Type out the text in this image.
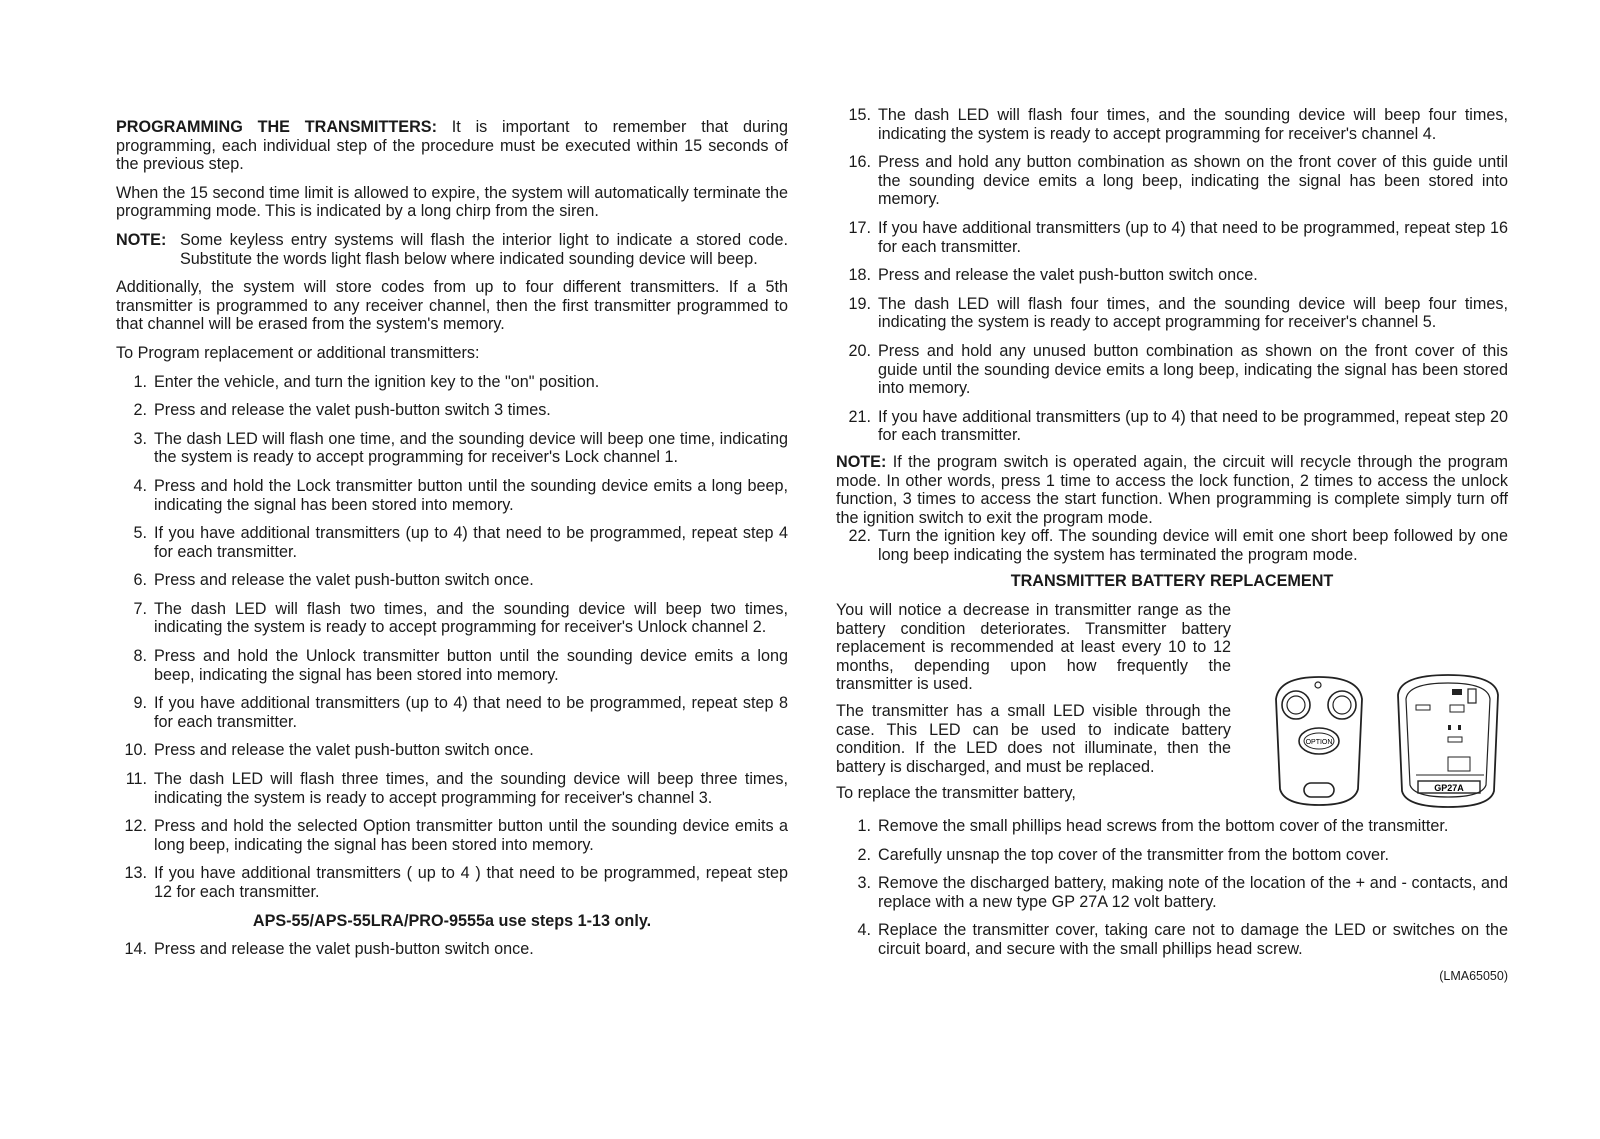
PROGRAMMING THE TRANSMITTERS: It is important to remember that during programming, each individual step of the procedure must be executed within 15 seconds of the previous step.

When the 15 second time limit is allowed to expire, the system will automatically terminate the programming mode. This is indicated by a long chirp from the siren.

NOTE: Some keyless entry systems will flash the interior light to indicate a stored code. Substitute the words light flash below where indicated sounding device will beep.

Additionally, the system will store codes from up to four different transmitters. If a 5th transmitter is programmed to any receiver channel, then the first transmitter programmed to that channel will be erased from the system's memory.

To Program replacement or additional transmitters:

1. Enter the vehicle, and turn the ignition key to the "on" position.
2. Press and release the valet push-button switch 3 times.
3. The dash LED will flash one time, and the sounding device will beep one time, indicating the system is ready to accept programming for receiver's Lock channel 1.
4. Press and hold the Lock transmitter button until the sounding device emits a long beep, indicating the signal has been stored into memory.
5. If you have additional transmitters (up to 4) that need to be programmed, repeat step 4 for each transmitter.
6. Press and release the valet push-button switch once.
7. The dash LED will flash two times, and the sounding device will beep two times, indicating the system is ready to accept programming for receiver's Unlock channel 2.
8. Press and hold the Unlock transmitter button until the sounding device emits a long beep, indicating the signal has been stored into memory.
9. If you have additional transmitters (up to 4) that need to be programmed, repeat step 8 for each transmitter.
10. Press and release the valet push-button switch once.
11. The dash LED will flash three times, and the sounding device will beep three times, indicating the system is ready to accept programming for receiver's channel 3.
12. Press and hold the selected Option transmitter button until the sounding device emits a long beep, indicating the signal has been stored into memory.
13. If you have additional transmitters ( up to 4 ) that need to be programmed, repeat step 12 for each transmitter.
APS-55/APS-55LRA/PRO-9555a use steps 1-13 only.
14. Press and release the valet push-button switch once.
15. The dash LED will flash four times, and the sounding device will beep four times, indicating the system is ready to accept programming for receiver's channel 4.
16. Press and hold any button combination as shown on the front cover of this guide until the sounding device emits a long beep, indicating the signal has been stored into memory.
17. If you have additional transmitters (up to 4) that need to be programmed, repeat step 16 for each transmitter.
18. Press and release the valet push-button switch once.
19. The dash LED will flash four times, and the sounding device will beep four times, indicating the system is ready to accept programming for receiver's channel 5.
20. Press and hold any unused button combination as shown on the front cover of this guide until the sounding device emits a long beep, indicating the signal has been stored into memory.
21. If you have additional transmitters (up to 4) that need to be programmed, repeat step 20 for each transmitter.

NOTE: If the program switch is operated again, the circuit will recycle through the program mode. In other words, press 1 time to access the lock function, 2 times to access the unlock function, 3 times to access the start function. When programming is complete simply turn off the ignition switch to exit the program mode.

22. Turn the ignition key off. The sounding device will emit one short beep followed by one long beep indicating the system has terminated the program mode.
TRANSMITTER BATTERY REPLACEMENT

You will notice a decrease in transmitter range as the battery condition deteriorates. Transmitter battery replacement is recommended at least every 10 to 12 months, depending upon how frequently the transmitter is used.

The transmitter has a small LED visible through the case. This LED can be used to indicate battery condition. If the LED does not illuminate, then the battery is discharged, and must be replaced.

To replace the transmitter battery,

OPTION
GP27A
1. Remove the small phillips head screws from the bottom cover of the transmitter.
2. Carefully unsnap the top cover of the transmitter from the bottom cover.
3. Remove the discharged battery, making note of the location of the + and - contacts, and replace with a new type GP 27A 12 volt battery.
4. Replace the transmitter cover, taking care not to damage the LED or switches on the circuit board, and secure with the small phillips head screw.
(LMA65050)
